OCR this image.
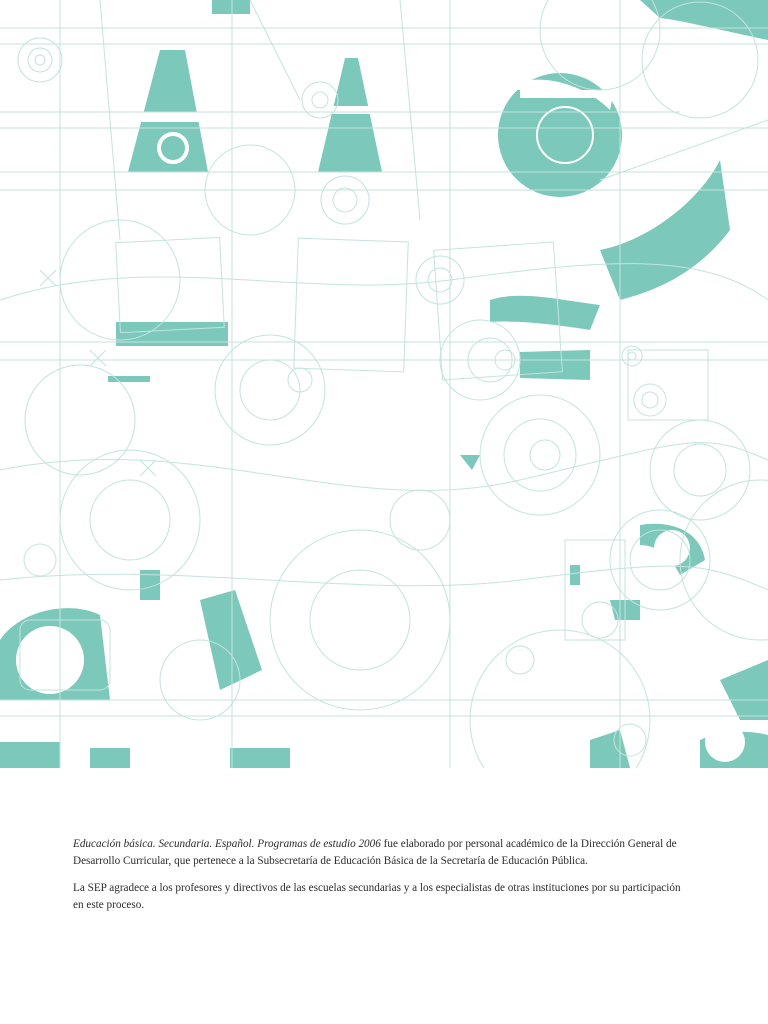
Educación básica. Secundaria. Español. Programas de estudio 2006 fue elaborado por personal académico de la Dirección General de Desarrollo Curricular, que pertenece a la Subsecretaría de Educación Básica de la Secretaría de Educación Pública.

La SEP agradece a los profesores y directivos de las escuelas secundarias y a los especialistas de otras instituciones por su participación en este proceso.
